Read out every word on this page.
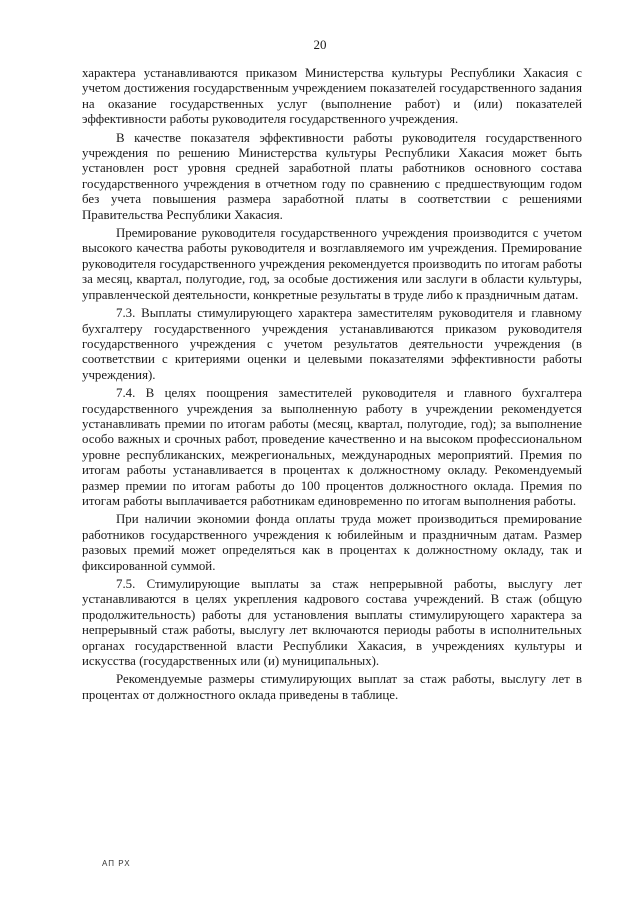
20

характера устанавливаются приказом Министерства культуры Республики Хакасия с учетом достижения государственным учреждением показателей государственного задания на оказание государственных услуг (выполнение работ) и (или) показателей эффективности работы руководителя государственного учреждения.

В качестве показателя эффективности работы руководителя государственного учреждения по решению Министерства культуры Республики Хакасия может быть установлен рост уровня средней заработной платы работников основного состава государственного учреждения в отчетном году по сравнению с предшествующим годом без учета повышения размера заработной платы в соответствии с решениями Правительства Республики Хакасия.

Премирование руководителя государственного учреждения производится с учетом высокого качества работы руководителя и возглавляемого им учреждения. Премирование руководителя государственного учреждения рекомендуется производить по итогам работы за месяц, квартал, полугодие, год, за особые достижения или заслуги в области культуры, управленческой деятельности, конкретные результаты в труде либо к праздничным датам.

7.3. Выплаты стимулирующего характера заместителям руководителя и главному бухгалтеру государственного учреждения устанавливаются приказом руководителя государственного учреждения с учетом результатов деятельности учреждения (в соответствии с критериями оценки и целевыми показателями эффективности работы учреждения).

7.4. В целях поощрения заместителей руководителя и главного бухгалтера государственного учреждения за выполненную работу в учреждении рекомендуется устанавливать премии по итогам работы (месяц, квартал, полугодие, год); за выполнение особо важных и срочных работ, проведение качественно и на высоком профессиональном уровне республиканских, межрегиональных, международных мероприятий. Премия по итогам работы устанавливается в процентах к должностному окладу. Рекомендуемый размер премии по итогам работы до 100 процентов должностного оклада. Премия по итогам работы выплачивается работникам единовременно по итогам выполнения работы.

При наличии экономии фонда оплаты труда может производиться премирование работников государственного учреждения к юбилейным и праздничным датам. Размер разовых премий может определяться как в процентах к должностному окладу, так и фиксированной суммой.

7.5. Стимулирующие выплаты за стаж непрерывной работы, выслугу лет устанавливаются в целях укрепления кадрового состава учреждений. В стаж (общую продолжительность) работы для установления выплаты стимулирующего характера за непрерывный стаж работы, выслугу лет включаются периоды работы в исполнительных органах государственной власти Республики Хакасия, в учреждениях культуры и искусства (государственных или (и) муниципальных).

Рекомендуемые размеры стимулирующих выплат за стаж работы, выслугу лет в процентах от должностного оклада приведены в таблице.

АП РХ
